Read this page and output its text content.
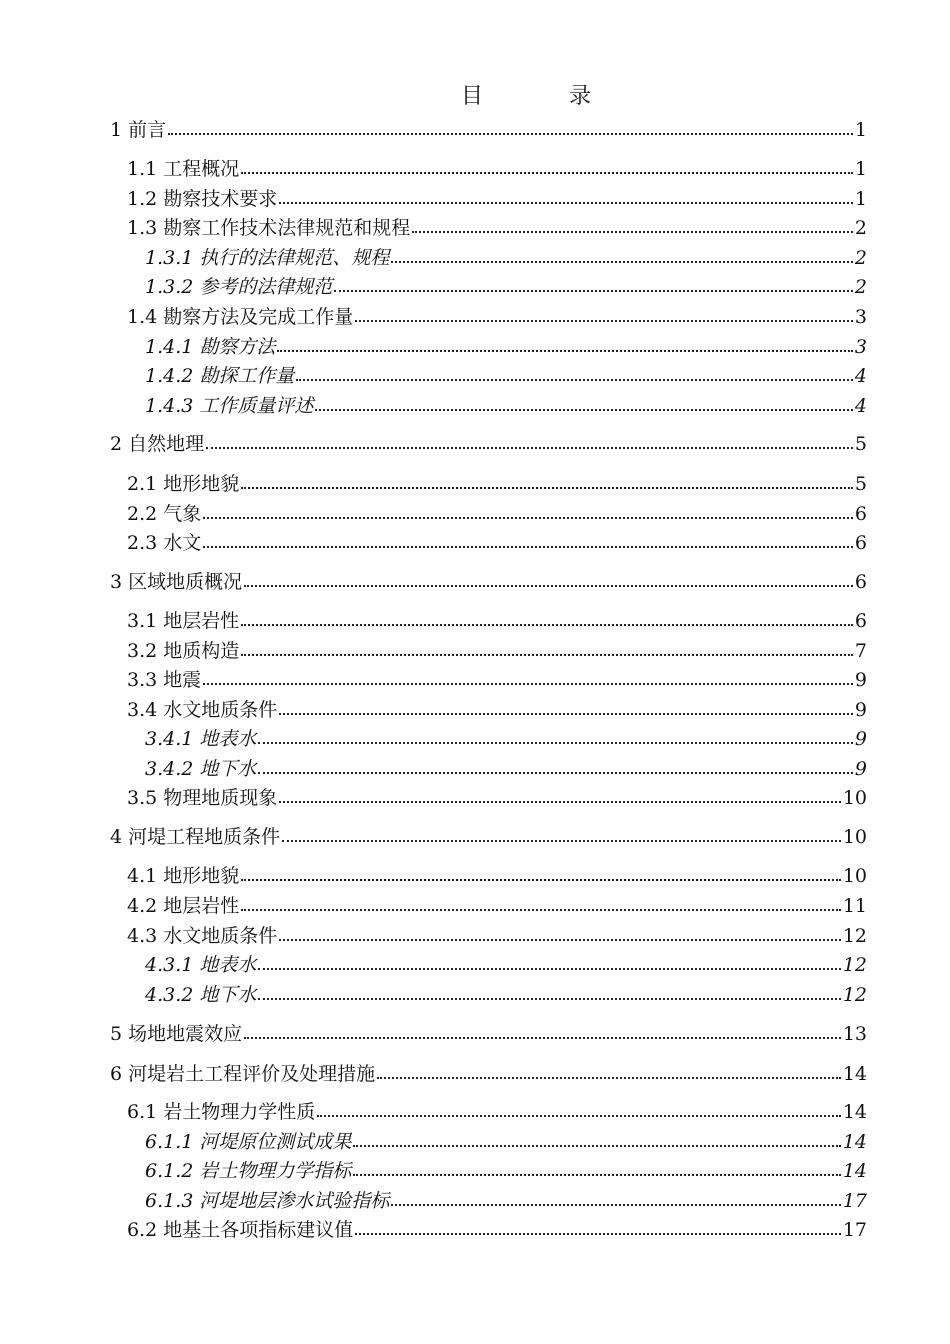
目　　录
1 前言	1
1.1 工程概况	1
1.2 勘察技术要求	1
1.3 勘察工作技术法律规范和规程	2
1.3.1 执行的法律规范、规程	2
1.3.2 参考的法律规范	2
1.4 勘察方法及完成工作量	3
1.4.1 勘察方法	3
1.4.2 勘探工作量	4
1.4.3 工作质量评述	4
2 自然地理	5
2.1 地形地貌	5
2.2 气象	6
2.3 水文	6
3 区域地质概况	6
3.1 地层岩性	6
3.2 地质构造	7
3.3 地震	9
3.4 水文地质条件	9
3.4.1 地表水	9
3.4.2 地下水	9
3.5 物理地质现象	10
4 河堤工程地质条件	10
4.1 地形地貌	10
4.2 地层岩性	11
4.3 水文地质条件	12
4.3.1 地表水	12
4.3.2 地下水	12
5 场地地震效应	13
6 河堤岩土工程评价及处理措施	14
6.1 岩土物理力学性质	14
6.1.1 河堤原位测试成果	14
6.1.2 岩土物理力学指标	14
6.1.3 河堤地层渗水试验指标	17
6.2 地基土各项指标建议值	17
